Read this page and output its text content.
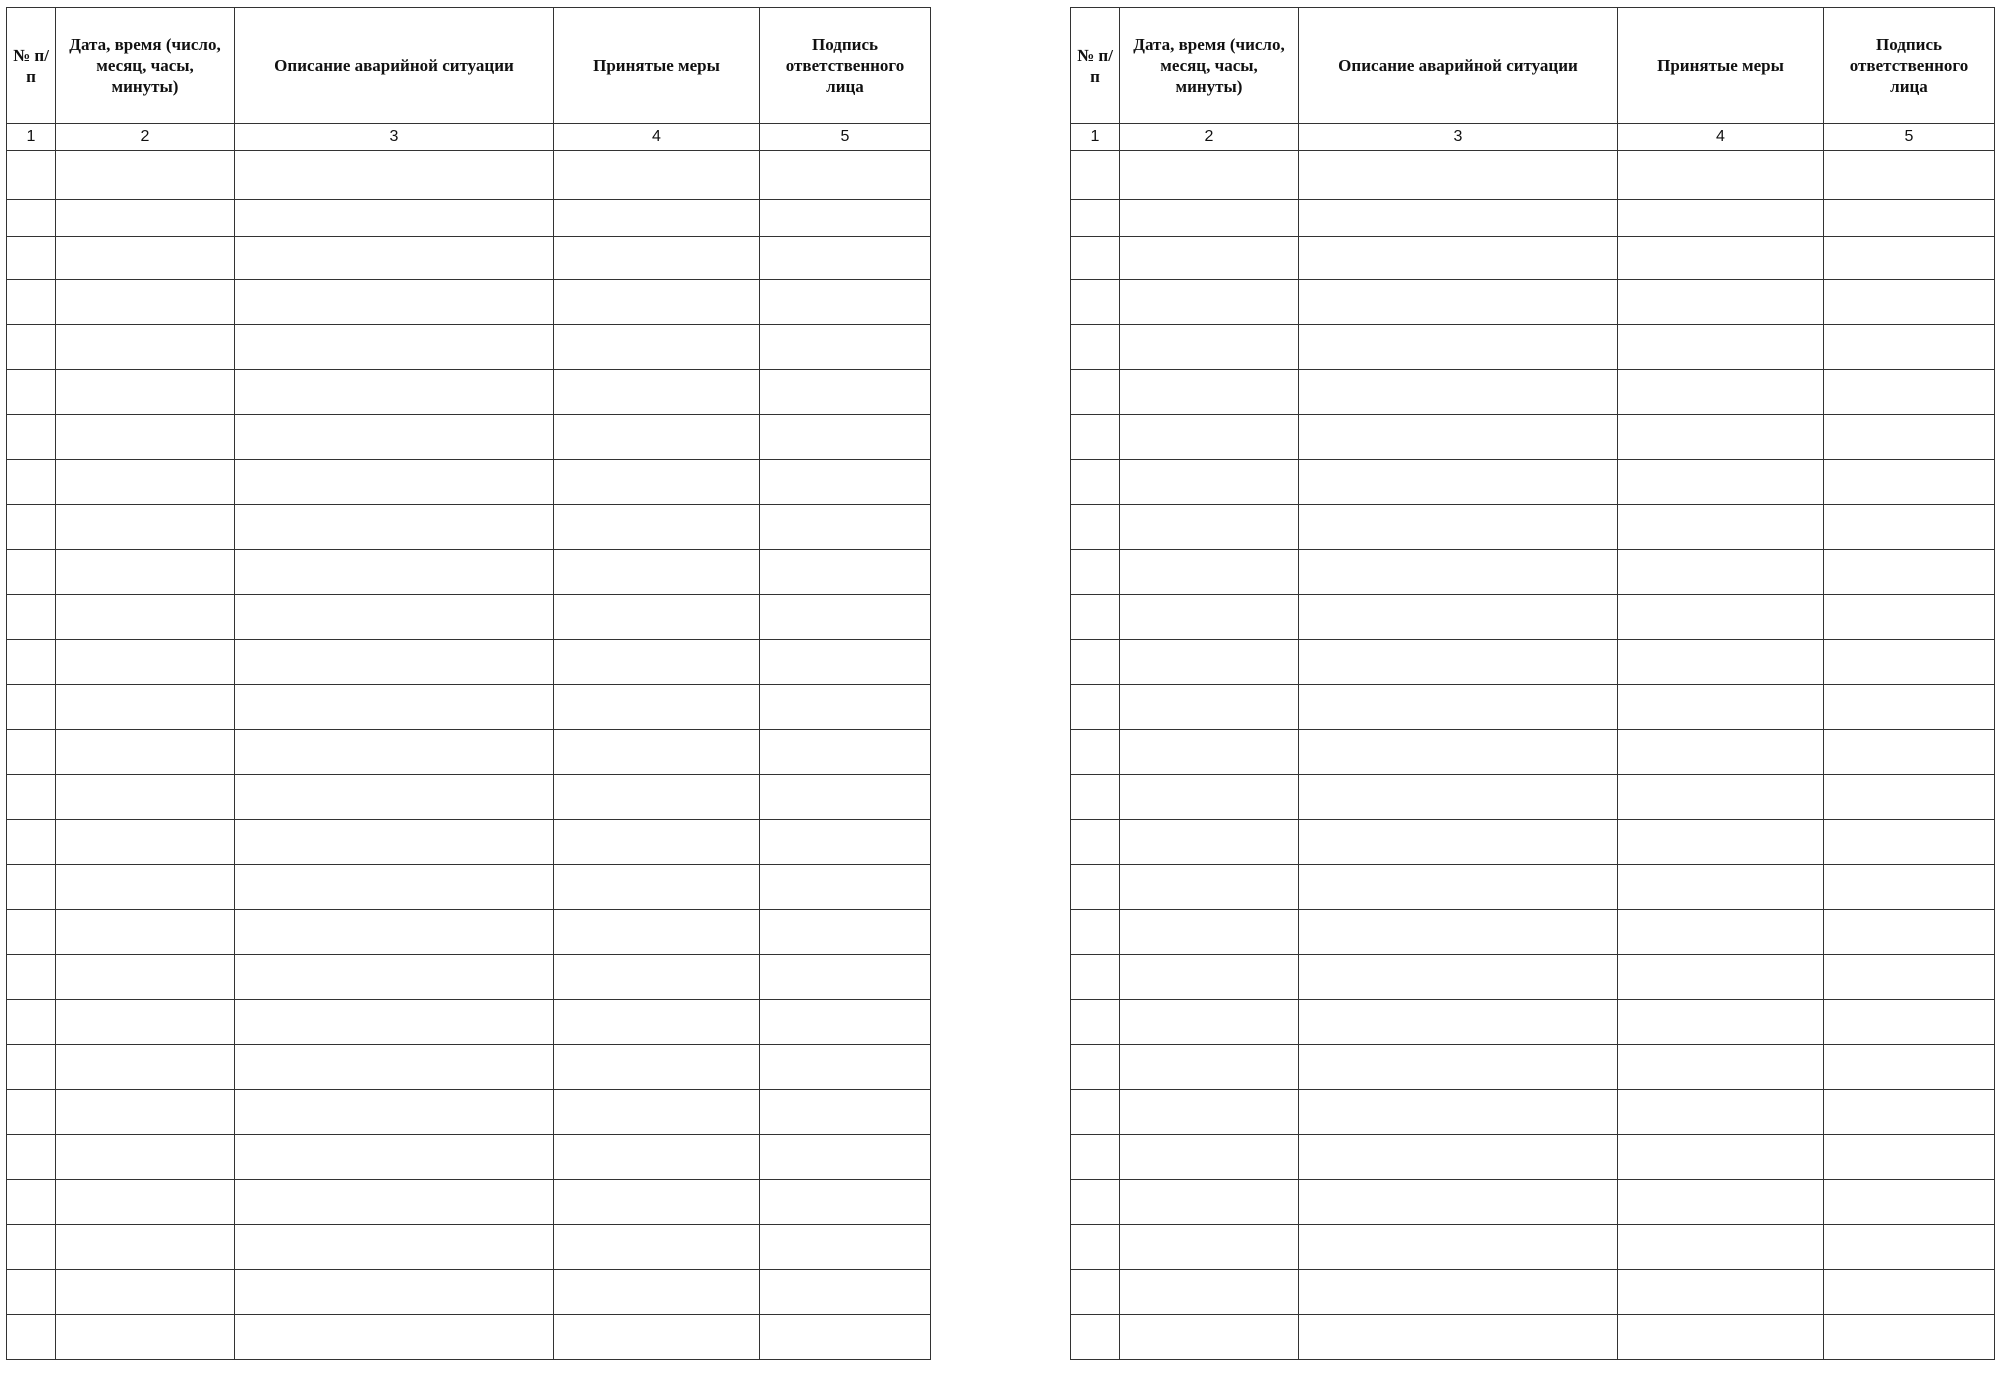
№ п/п	Дата, время (число, месяц, часы, минуты)	Описание аварийной ситуации	Принятые меры	Подпись ответственного лица

1	2	3	4	5

№ п/п	Дата, время (число, месяц, часы, минуты)	Описание аварийной ситуации	Принятые меры	Подпись ответственного лица

1	2	3	4	5
